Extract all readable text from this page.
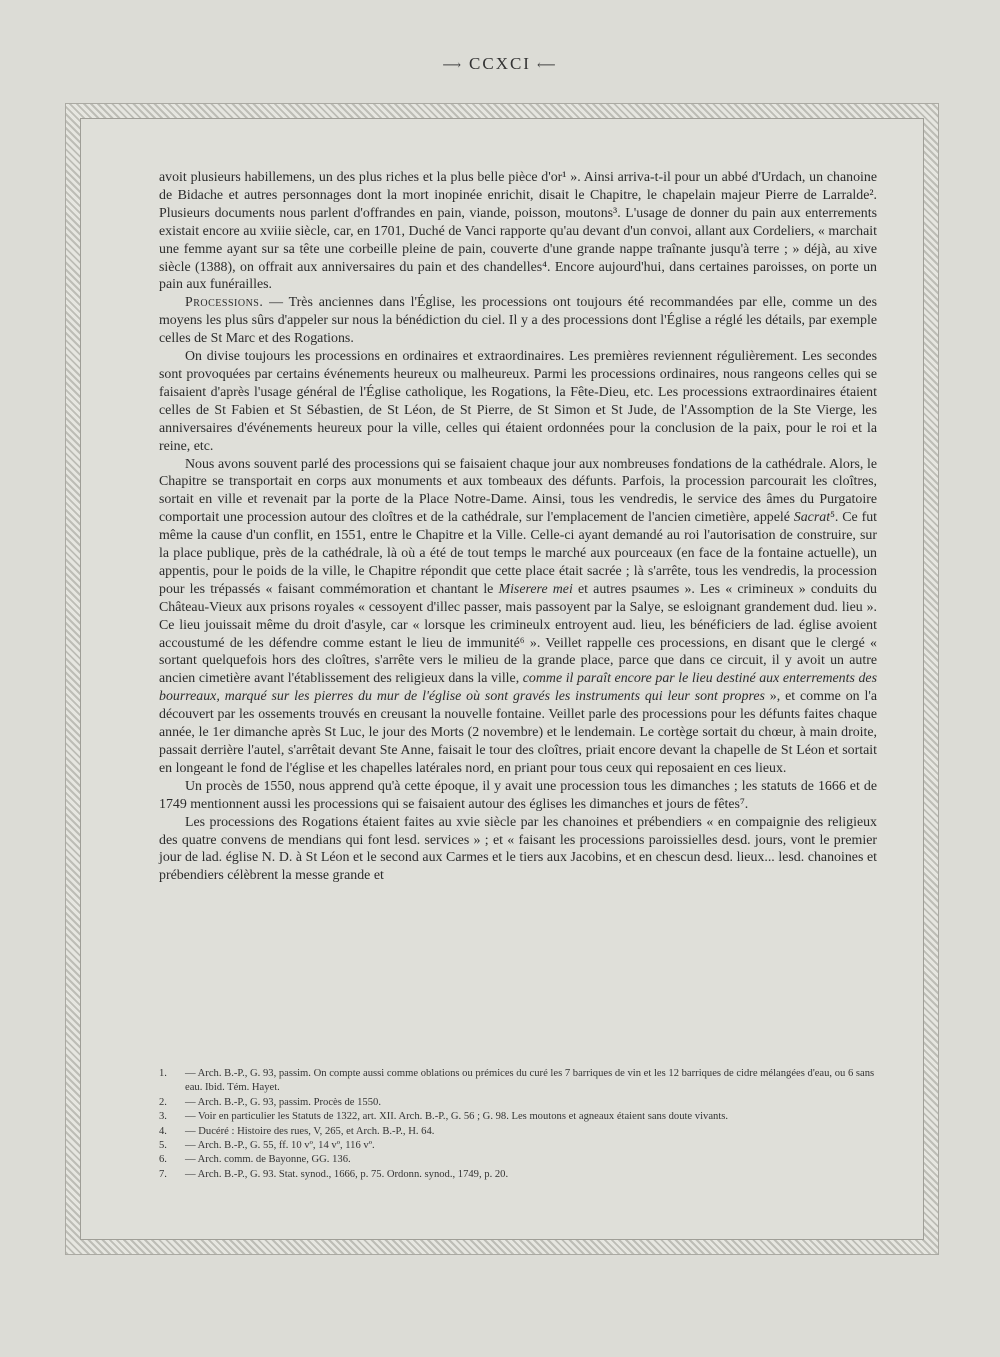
⟶ CCXCI ⟵

avoit plusieurs habillemens, un des plus riches et la plus belle pièce d'or¹ ». Ainsi arriva-t-il pour un abbé d'Urdach, un chanoine de Bidache et autres personnages dont la mort inopinée enrichit, disait le Chapitre, le chapelain majeur Pierre de Larralde². Plusieurs documents nous parlent d'offrandes en pain, viande, poisson, moutons³. L'usage de donner du pain aux enterrements existait encore au xviiie siècle, car, en 1701, Duché de Vanci rapporte qu'au devant d'un convoi, allant aux Cordeliers, « marchait une femme ayant sur sa tête une corbeille pleine de pain, couverte d'une grande nappe traînante jusqu'à terre ; » déjà, au xive siècle (1388), on offrait aux anniversaires du pain et des chandelles⁴. Encore aujourd'hui, dans certaines paroisses, on porte un pain aux funérailles.

Processions. — Très anciennes dans l'Église, les processions ont toujours été recommandées par elle, comme un des moyens les plus sûrs d'appeler sur nous la bénédiction du ciel. Il y a des processions dont l'Église a réglé les détails, par exemple celles de St Marc et des Rogations.

On divise toujours les processions en ordinaires et extraordinaires. Les premières reviennent régulièrement. Les secondes sont provoquées par certains événements heureux ou malheureux. Parmi les processions ordinaires, nous rangeons celles qui se faisaient d'après l'usage général de l'Église catholique, les Rogations, la Fête-Dieu, etc. Les processions extraordinaires étaient celles de St Fabien et St Sébastien, de St Léon, de St Pierre, de St Simon et St Jude, de l'Assomption de la Ste Vierge, les anniversaires d'événements heureux pour la ville, celles qui étaient ordonnées pour la conclusion de la paix, pour le roi et la reine, etc.

Nous avons souvent parlé des processions qui se faisaient chaque jour aux nombreuses fondations de la cathédrale. Alors, le Chapitre se transportait en corps aux monuments et aux tombeaux des défunts. Parfois, la procession parcourait les cloîtres, sortait en ville et revenait par la porte de la Place Notre-Dame. Ainsi, tous les vendredis, le service des âmes du Purgatoire comportait une procession autour des cloîtres et de la cathédrale, sur l'emplacement de l'ancien cimetière, appelé Sacrat⁵. Ce fut même la cause d'un conflit, en 1551, entre le Chapitre et la Ville. Celle-ci ayant demandé au roi l'autorisation de construire, sur la place publique, près de la cathédrale, là où a été de tout temps le marché aux pourceaux (en face de la fontaine actuelle), un appentis, pour le poids de la ville, le Chapitre répondit que cette place était sacrée ; là s'arrête, tous les vendredis, la procession pour les trépassés « faisant commémoration et chantant le Miserere mei et autres psaumes ». Les « crimineux » conduits du Château-Vieux aux prisons royales « cessoyent d'illec passer, mais passoyent par la Salye, se esloignant grandement dud. lieu ». Ce lieu jouissait même du droit d'asyle, car « lorsque les crimineulx entroyent aud. lieu, les bénéficiers de lad. église avoient accoustumé de les défendre comme estant le lieu de immunité⁶ ». Veillet rappelle ces processions, en disant que le clergé « sortant quelquefois hors des cloîtres, s'arrête vers le milieu de la grande place, parce que dans ce circuit, il y avoit un autre ancien cimetière avant l'établissement des religieux dans la ville, comme il paraît encore par le lieu destiné aux enterrements des bourreaux, marqué sur les pierres du mur de l'église où sont gravés les instruments qui leur sont propres », et comme on l'a découvert par les ossements trouvés en creusant la nouvelle fontaine. Veillet parle des processions pour les défunts faites chaque année, le 1er dimanche après St Luc, le jour des Morts (2 novembre) et le lendemain. Le cortège sortait du chœur, à main droite, passait derrière l'autel, s'arrêtait devant Ste Anne, faisait le tour des cloîtres, priait encore devant la chapelle de St Léon et sortait en longeant le fond de l'église et les chapelles latérales nord, en priant pour tous ceux qui reposaient en ces lieux.

Un procès de 1550, nous apprend qu'à cette époque, il y avait une procession tous les dimanches ; les statuts de 1666 et de 1749 mentionnent aussi les processions qui se faisaient autour des églises les dimanches et jours de fêtes⁷.

Les processions des Rogations étaient faites au xvie siècle par les chanoines et prébendiers « en compaignie des religieux des quatre convens de mendians qui font lesd. services » ; et « faisant les processions paroissielles desd. jours, vont le premier jour de lad. église N. D. à St Léon et le second aux Carmes et le tiers aux Jacobins, et en chescun desd. lieux... lesd. chanoines et prébendiers célèbrent la messe grande et

1.	— Arch. B.-P., G. 93, passim. On compte aussi comme oblations ou prémices du curé les 7 barriques de vin et les 12 barriques de cidre mélangées d'eau, ou 6 sans eau. Ibid. Tém. Hayet.
2.	— Arch. B.-P., G. 93, passim. Procès de 1550.
3.	— Voir en particulier les Statuts de 1322, art. XII. Arch. B.-P., G. 56 ; G. 98. Les moutons et agneaux étaient sans doute vivants.
4.	— Ducéré : Histoire des rues, V, 265, et Arch. B.-P., H. 64.
5.	— Arch. B.-P., G. 55, ff. 10 vº, 14 vº, 116 vº.
6.	— Arch. comm. de Bayonne, GG. 136.
7.	— Arch. B.-P., G. 93. Stat. synod., 1666, p. 75. Ordonn. synod., 1749, p. 20.
